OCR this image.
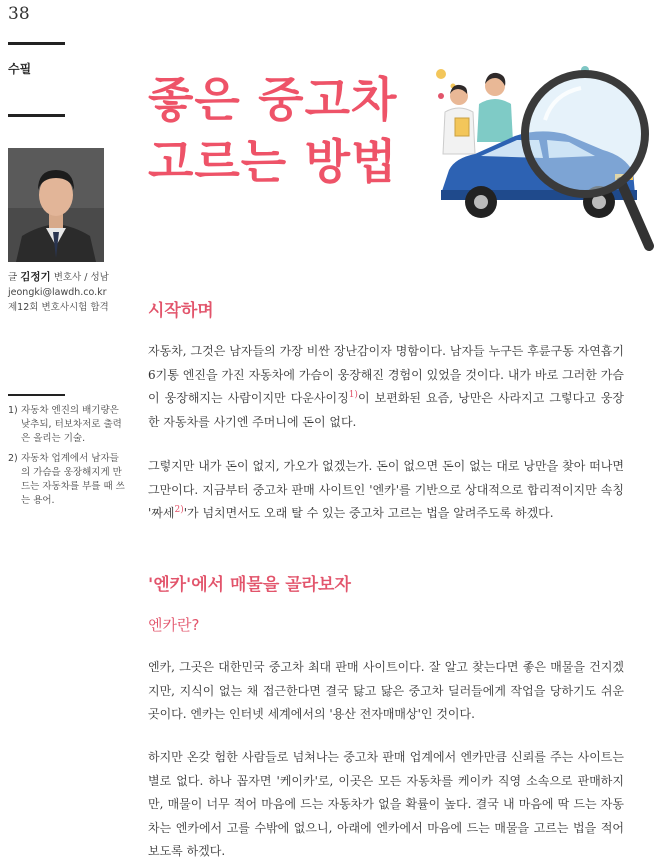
38
수필
글 김정기 변호사 / 성남
jeongki@lawdh.co.kr
제12회 변호사시험 합격
1) 자동차 엔진의 배기량은 낮추되, 터보차저로 출력은 올리는 기술.
2) 자동차 업계에서 남자들의 가슴을 웅장해지게 만드는 자동차를 부를 때 쓰는 용어.
좋은 중고차
고르는 방법
시작하며
자동차, 그것은 남자들의 가장 비싼 장난감이자 명함이다. 남자들 누구든 후륜구동 자연흡기 6기통 엔진을 가진 자동차에 가슴이 웅장해진 경험이 있었을 것이다. 내가 바로 그러한 가슴이 웅장해지는 사람이지만 다운사이징$^{1)}$이 보편화된 요즘, 낭만은 사라지고 그렇다고 웅장한 자동차를 사기엔 주머니에 돈이 없다.
그렇지만 내가 돈이 없지, 가오가 없겠는가. 돈이 없으면 돈이 없는 대로 낭만을 찾아 떠나면 그만이다. 지금부터 중고차 판매 사이트인 '엔카'를 기반으로 상대적으로 합리적이지만 속칭 '짜세$^{2)}$'가 넘치면서도 오래 탈 수 있는 중고차 고르는 법을 알려주도록 하겠다.
'엔카'에서 매물을 골라보자
엔카란?
엔카, 그곳은 대한민국 중고차 최대 판매 사이트이다. 잘 알고 찾는다면 좋은 매물을 건지겠지만, 지식이 없는 채 접근한다면 결국 닳고 닳은 중고차 딜러들에게 작업을 당하기도 쉬운 곳이다. 엔카는 인터넷 세계에서의 '용산 전자매매상'인 것이다.
하지만 온갖 험한 사람들로 넘쳐나는 중고차 판매 업계에서 엔카만큼 신뢰를 주는 사이트는 별로 없다. 하나 꼽자면 '케이카'로, 이곳은 모든 자동차를 케이카 직영 소속으로 판매하지만, 매물이 너무 적어 마음에 드는 자동차가 없을 확률이 높다. 결국 내 마음에 딱 드는 자동차는 엔카에서 고를 수밖에 없으니, 아래에 엔카에서 마음에 드는 매물을 고르는 법을 적어보도록 하겠다.
